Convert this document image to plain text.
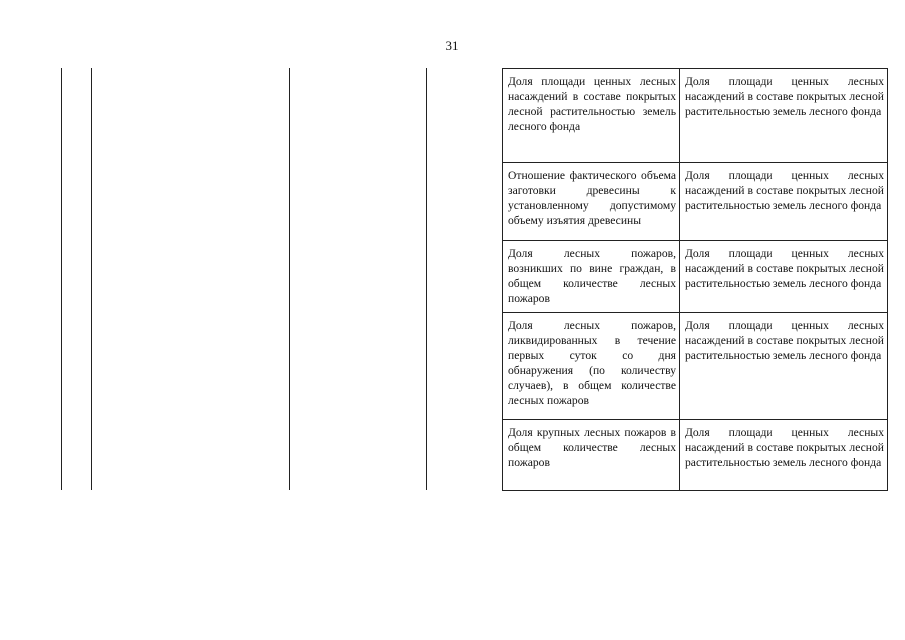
31
Доля площади ценных лесных насаждений в составе покрытых лесной растительностью земель лесного фонда	Доля площади ценных лесных насаждений в составе покрытых лесной растительностью земель лесного фонда
Отношение фактического объема заготовки древесины к установленному допустимому объему изъятия древесины	Доля площади ценных лесных насаждений в составе покрытых лесной растительностью земель лесного фонда
Доля лесных пожаров, возникших по вине граждан, в общем количестве лесных пожаров	Доля площади ценных лесных насаждений в составе покрытых лесной растительностью земель лесного фонда
Доля лесных пожаров, ликвидированных в течение первых суток со дня обнаружения (по количеству случаев), в общем количестве лесных пожаров	Доля площади ценных лесных насаждений в составе покрытых лесной растительностью земель лесного фонда
Доля крупных лесных пожаров в общем количестве лесных пожаров	Доля площади ценных лесных насаждений в составе покрытых лесной растительностью земель лесного фонда
